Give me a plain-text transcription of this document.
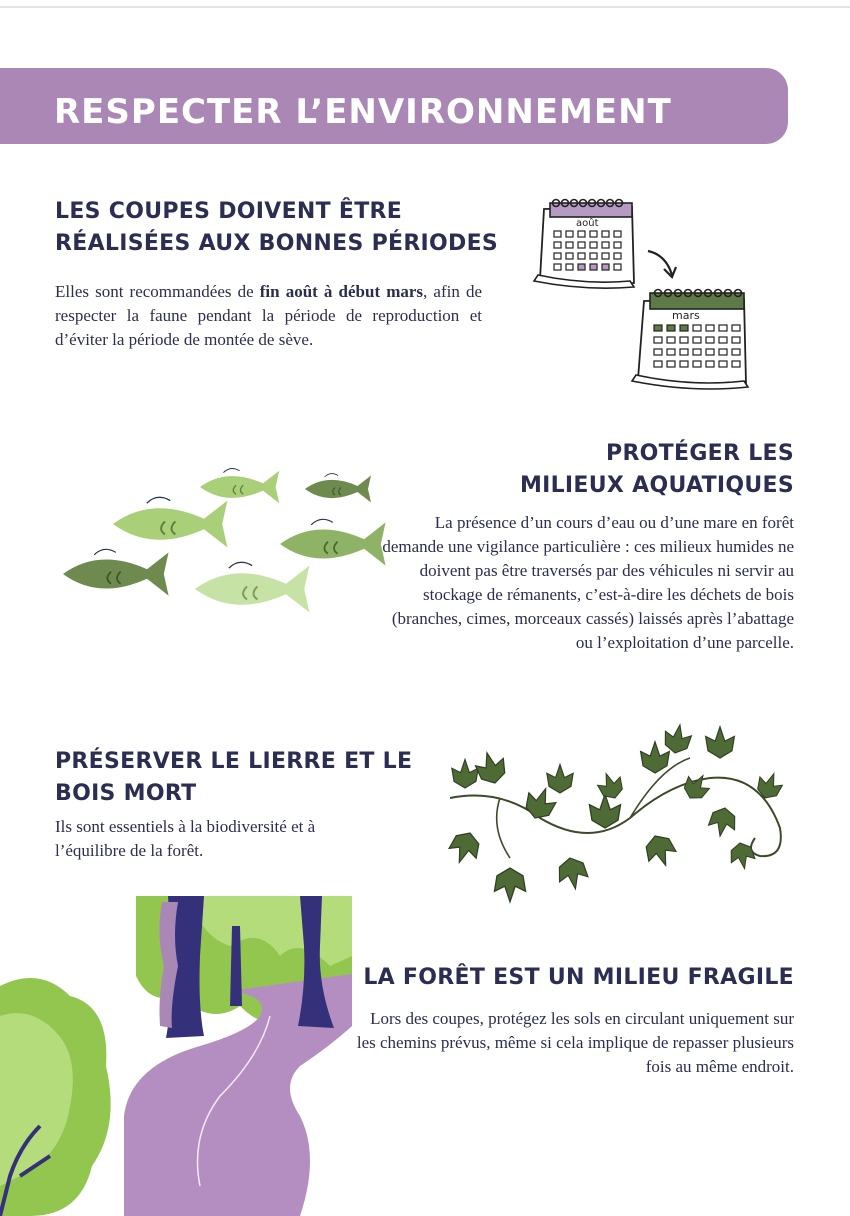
RESPECTER L’ENVIRONNEMENT
LES COUPES DOIVENT ÊTRE
RÉALISÉES AUX BONNES PÉRIODES

Elles sont recommandées de fin août à début mars, afin de respecter la faune pendant la période de reproduction et d’éviter la période de montée de sève.

août
mars
PROTÉGER LES
MILIEUX AQUATIQUES

La présence d’un cours d’eau ou d’une mare en forêt demande une vigilance particulière : ces milieux humides ne doivent pas être traversés par des véhicules ni servir au stockage de rémanents, c’est-à-dire les déchets de bois (branches, cimes, morceaux cassés) laissés après l’abattage ou l’exploitation d’une parcelle.

PRÉSERVER LE LIERRE ET LE
BOIS MORT

Ils sont essentiels à la biodiversité et à l’équilibre de la forêt.

LA FORÊT EST UN MILIEU FRAGILE

Lors des coupes, protégez les sols en circulant uniquement sur les chemins prévus, même si cela implique de repasser plusieurs fois au même endroit.
